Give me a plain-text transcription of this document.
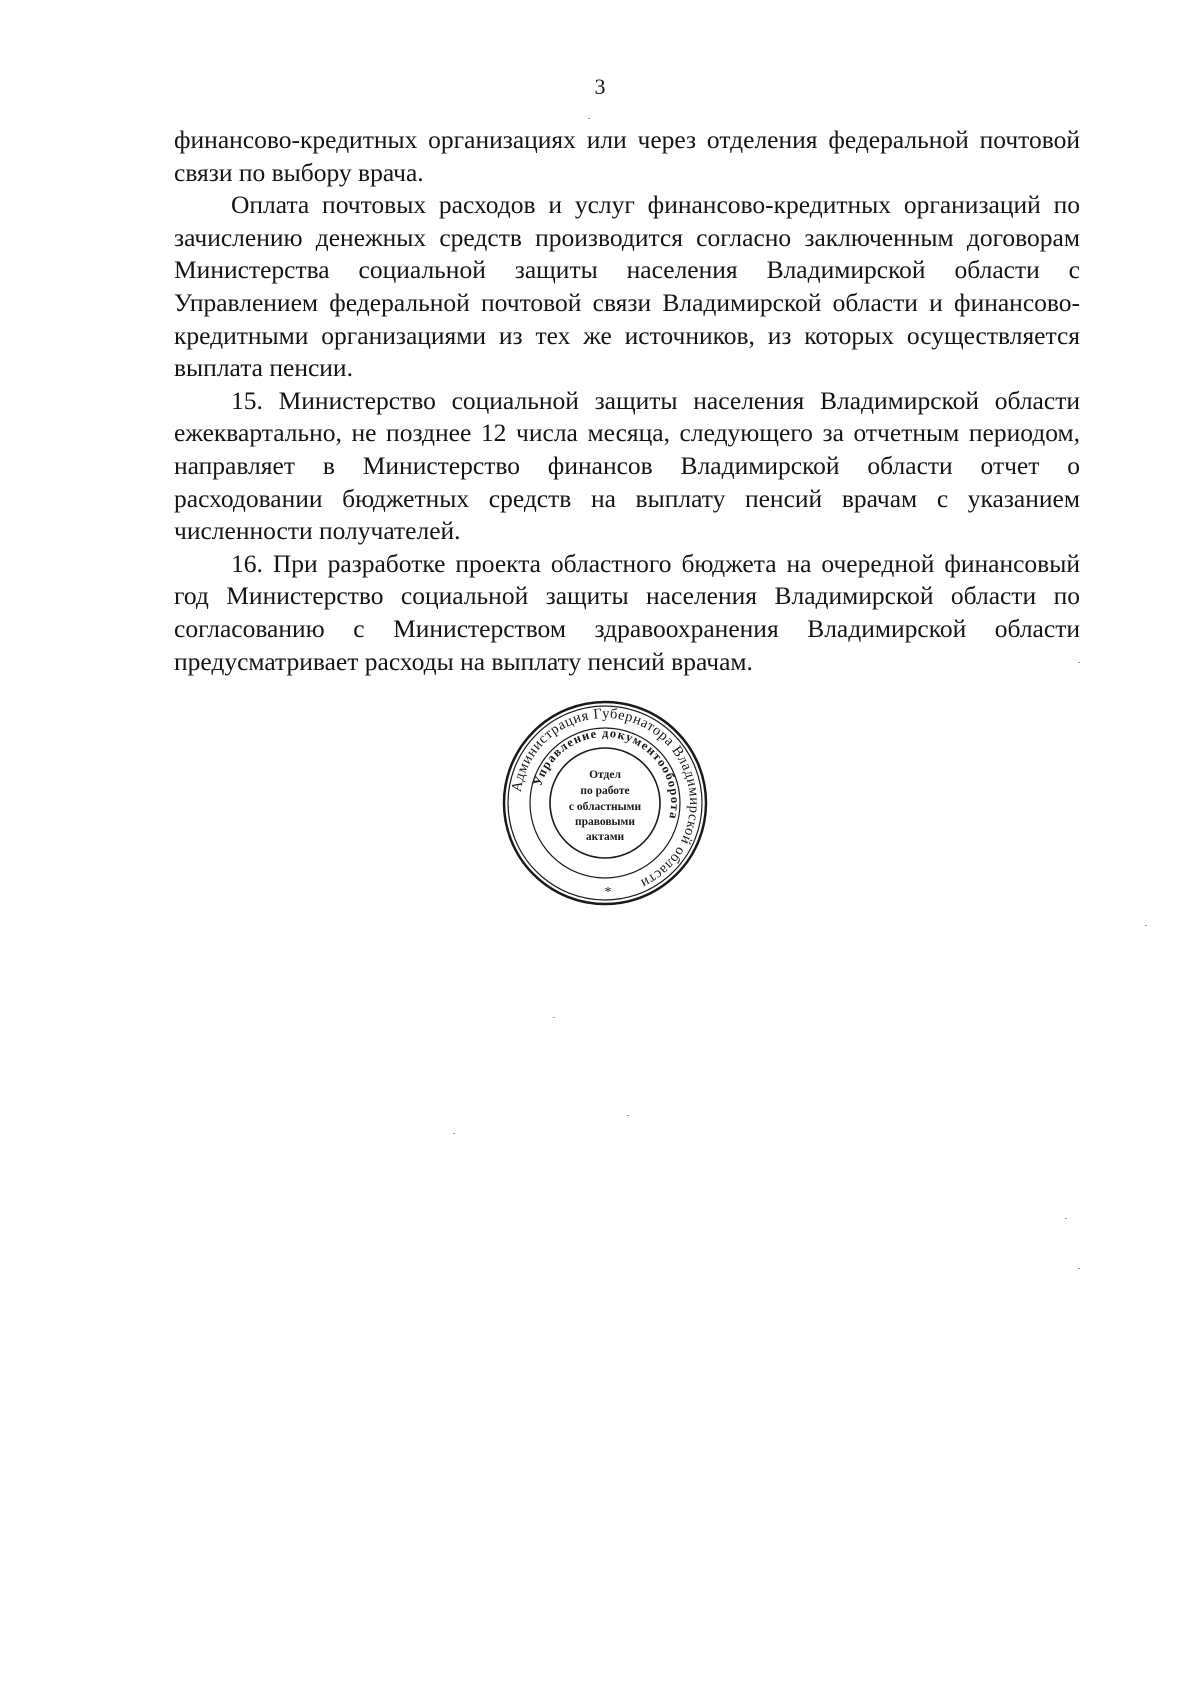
3

финансово-кредитных организациях или через отделения федеральной почтовой связи по выбору врача.

Оплата почтовых расходов и услуг финансово-кредитных организаций по зачислению денежных средств производится согласно заключенным договорам Министерства социальной защиты населения Владимирской области с Управлением федеральной почтовой связи Владимирской области и финансово-кредитными организациями из тех же источников, из которых осуществляется выплата пенсии.

15. Министерство социальной защиты населения Владимирской области ежеквартально, не позднее 12 числа месяца, следующего за отчетным периодом, направляет в Министерство финансов Владимирской области отчет о расходовании бюджетных средств на выплату пенсий врачам с указанием численности получателей.

16. При разработке проекта областного бюджета на очередной финансовый год Министерство социальной защиты населения Владимирской области по согласованию с Министерством здравоохранения Владимирской области предусматривает расходы на выплату пенсий врачам.

Администрация Губернатора Владимирской области
Управление документооборота
Отдел
по работе
с областными
правовыми
актами
*
